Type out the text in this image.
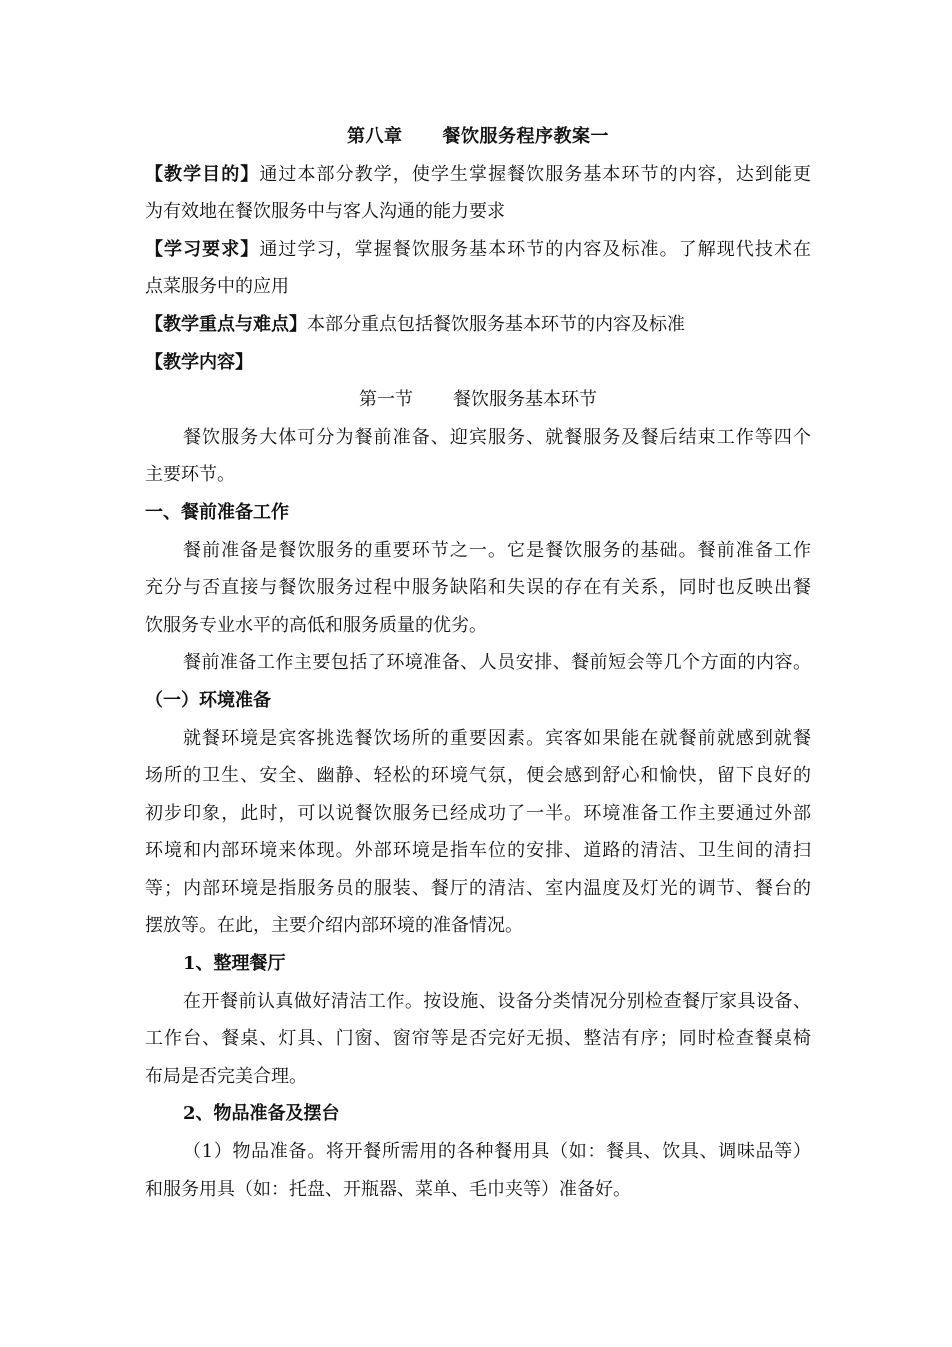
第八章 餐饮服务程序教案一
【教学目的】通过本部分教学，使学生掌握餐饮服务基本环节的内容，达到能更
为有效地在餐饮服务中与客人沟通的能力要求
【学习要求】通过学习，掌握餐饮服务基本环节的内容及标准。了解现代技术在
点菜服务中的应用
【教学重点与难点】本部分重点包括餐饮服务基本环节的内容及标准
【教学内容】
第一节 餐饮服务基本环节
餐饮服务大体可分为餐前准备、迎宾服务、就餐服务及餐后结束工作等四个
主要环节。
一、餐前准备工作
餐前准备是餐饮服务的重要环节之一。它是餐饮服务的基础。餐前准备工作
充分与否直接与餐饮服务过程中服务缺陷和失误的存在有关系，同时也反映出餐
饮服务专业水平的高低和服务质量的优劣。
餐前准备工作主要包括了环境准备、人员安排、餐前短会等几个方面的内容。
（一）环境准备
就餐环境是宾客挑选餐饮场所的重要因素。宾客如果能在就餐前就感到就餐
场所的卫生、安全、幽静、轻松的环境气氛，便会感到舒心和愉快，留下良好的
初步印象，此时，可以说餐饮服务已经成功了一半。环境准备工作主要通过外部
环境和内部环境来体现。外部环境是指车位的安排、道路的清洁、卫生间的清扫
等；内部环境是指服务员的服装、餐厅的清洁、室内温度及灯光的调节、餐台的
摆放等。在此，主要介绍内部环境的准备情况。
1、整理餐厅
在开餐前认真做好清洁工作。按设施、设备分类情况分别检查餐厅家具设备、
工作台、餐桌、灯具、门窗、窗帘等是否完好无损、整洁有序；同时检查餐桌椅
布局是否完美合理。
2、物品准备及摆台
（1）物品准备。将开餐所需用的各种餐用具（如：餐具、饮具、调味品等）
和服务用具（如：托盘、开瓶器、菜单、毛巾夹等）准备好。
